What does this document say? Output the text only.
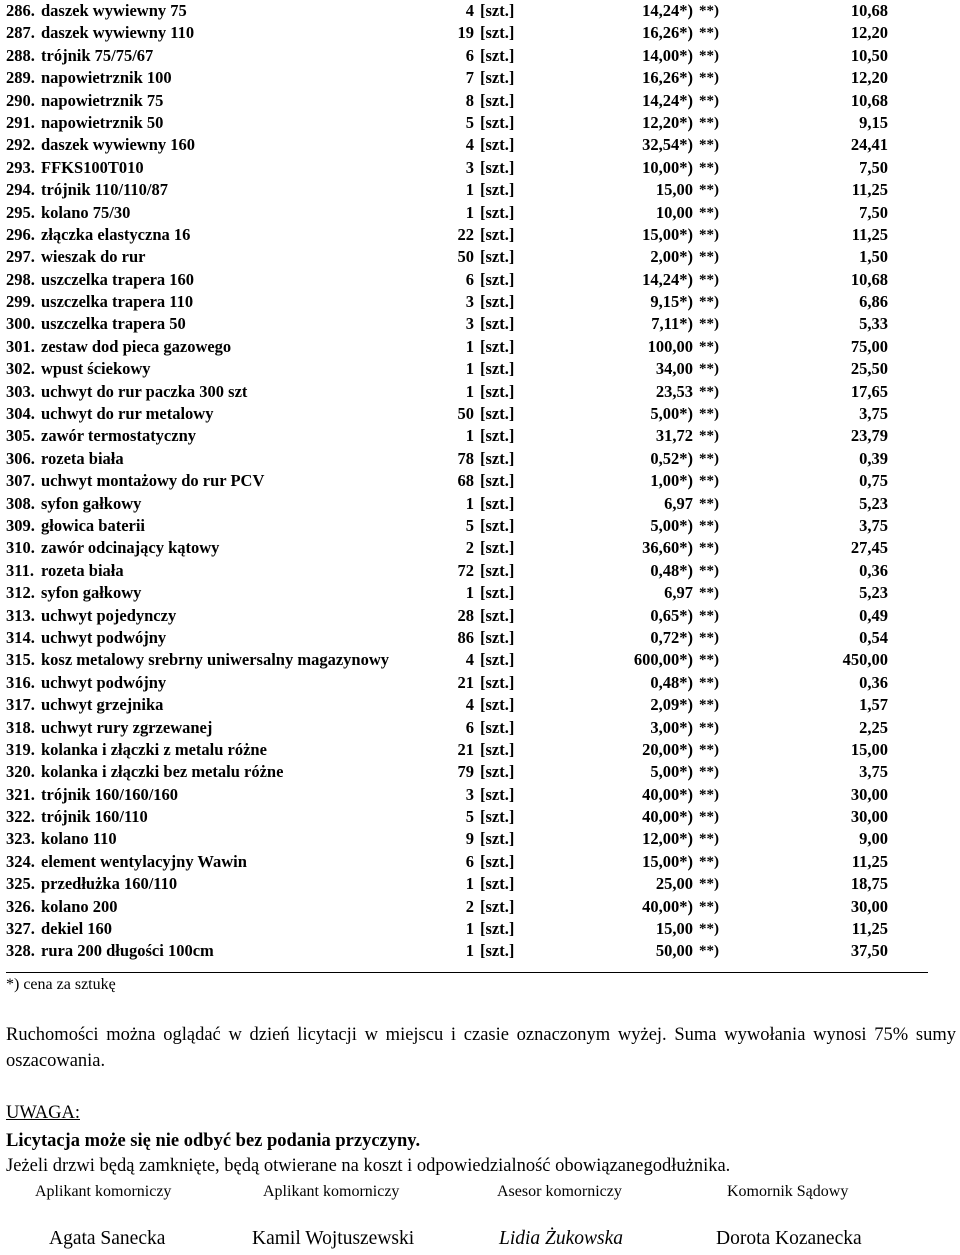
286. daszek wywiewny 75	4 [szt.]	14,24*) **)	10,68
287. daszek wywiewny 110	19 [szt.]	16,26*) **)	12,20
288. trójnik 75/75/67	6 [szt.]	14,00*) **)	10,50
289. napowietrznik 100	7 [szt.]	16,26*) **)	12,20
290. napowietrznik 75	8 [szt.]	14,24*) **)	10,68
291. napowietrznik 50	5 [szt.]	12,20*) **)	9,15
292. daszek wywiewny 160	4 [szt.]	32,54*) **)	24,41
293. FFKS100T010	3 [szt.]	10,00*) **)	7,50
294. trójnik 110/110/87	1 [szt.]	15,00 **)	11,25
295. kolano 75/30	1 [szt.]	10,00 **)	7,50
296. złączka elastyczna 16	22 [szt.]	15,00*) **)	11,25
297. wieszak do rur	50 [szt.]	2,00*) **)	1,50
298. uszczelka trapera 160	6 [szt.]	14,24*) **)	10,68
299. uszczelka trapera 110	3 [szt.]	9,15*) **)	6,86
300. uszczelka trapera 50	3 [szt.]	7,11*) **)	5,33
301. zestaw dod pieca gazowego	1 [szt.]	100,00 **)	75,00
302. wpust ściekowy	1 [szt.]	34,00 **)	25,50
303. uchwyt do rur paczka 300 szt	1 [szt.]	23,53 **)	17,65
304. uchwyt do rur metalowy	50 [szt.]	5,00*) **)	3,75
305. zawór termostatyczny	1 [szt.]	31,72 **)	23,79
306. rozeta biała	78 [szt.]	0,52*) **)	0,39
307. uchwyt montażowy do rur PCV	68 [szt.]	1,00*) **)	0,75
308. syfon gałkowy	1 [szt.]	6,97 **)	5,23
309. głowica baterii	5 [szt.]	5,00*) **)	3,75
310. zawór odcinający kątowy	2 [szt.]	36,60*) **)	27,45
311. rozeta biała	72 [szt.]	0,48*) **)	0,36
312. syfon gałkowy	1 [szt.]	6,97 **)	5,23
313. uchwyt pojedynczy	28 [szt.]	0,65*) **)	0,49
314. uchwyt podwójny	86 [szt.]	0,72*) **)	0,54
315. kosz metalowy srebrny uniwersalny magazynowy	4 [szt.]	600,00*) **)	450,00
316. uchwyt podwójny	21 [szt.]	0,48*) **)	0,36
317. uchwyt grzejnika	4 [szt.]	2,09*) **)	1,57
318. uchwyt rury zgrzewanej	6 [szt.]	3,00*) **)	2,25
319. kolanka i złączki z metalu różne	21 [szt.]	20,00*) **)	15,00
320. kolanka i złączki bez metalu różne	79 [szt.]	5,00*) **)	3,75
321. trójnik 160/160/160	3 [szt.]	40,00*) **)	30,00
322. trójnik 160/110	5 [szt.]	40,00*) **)	30,00
323. kolano 110	9 [szt.]	12,00*) **)	9,00
324. element wentylacyjny Wawin	6 [szt.]	15,00*) **)	11,25
325. przedłużka 160/110	1 [szt.]	25,00 **)	18,75
326. kolano 200	2 [szt.]	40,00*) **)	30,00
327. dekiel 160	1 [szt.]	15,00 **)	11,25
328. rura 200 długości 100cm	1 [szt.]	50,00 **)	37,50
*) cena za sztukę
Ruchomości można oglądać w dzień licytacji w miejscu i czasie oznaczonym wyżej. Suma wywołania wynosi 75% sumy oszacowania.
UWAGA:
Licytacja może się nie odbyć bez podania przyczyny.
Jeżeli drzwi będą zamknięte, będą otwierane na koszt i odpowiedzialność obowiązanegodłużnika.
Aplikant komorniczy	Aplikant komorniczy	Asesor komorniczy	Komornik Sądowy
Agata Sanecka	Kamil Wojtuszewski	Lidia Żukowska	Dorota Kozanecka
